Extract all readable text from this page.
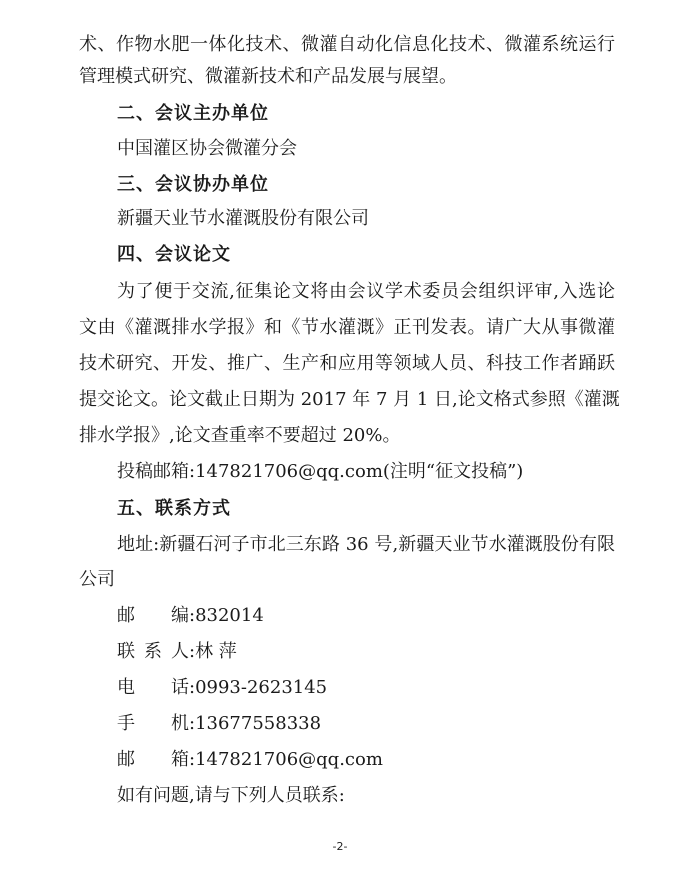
术、作物水肥一体化技术、微灌自动化信息化技术、微灌系统运行
管理模式研究、微灌新技术和产品发展与展望。
二、会议主办单位
中国灌区协会微灌分会
三、会议协办单位
新疆天业节水灌溉股份有限公司
四、会议论文
为了便于交流,征集论文将由会议学术委员会组织评审,入选论
文由《灌溉排水学报》和《节水灌溉》正刊发表。请广大从事微灌
技术研究、开发、推广、生产和应用等领域人员、科技工作者踊跃
提交论文。论文截止日期为 2017 年 7 月 1 日,论文格式参照《灌溉
排水学报》,论文查重率不要超过 20%。
投稿邮箱:147821706@qq.com(注明“征文投稿”)
五、联系方式
地址:新疆石河子市北三东路 36 号,新疆天业节水灌溉股份有限
公司
邮编:832014
联系人:林 萍
电话:0993-2623145
手机:13677558338
邮箱:147821706@qq.com
如有问题,请与下列人员联系:
-2-
